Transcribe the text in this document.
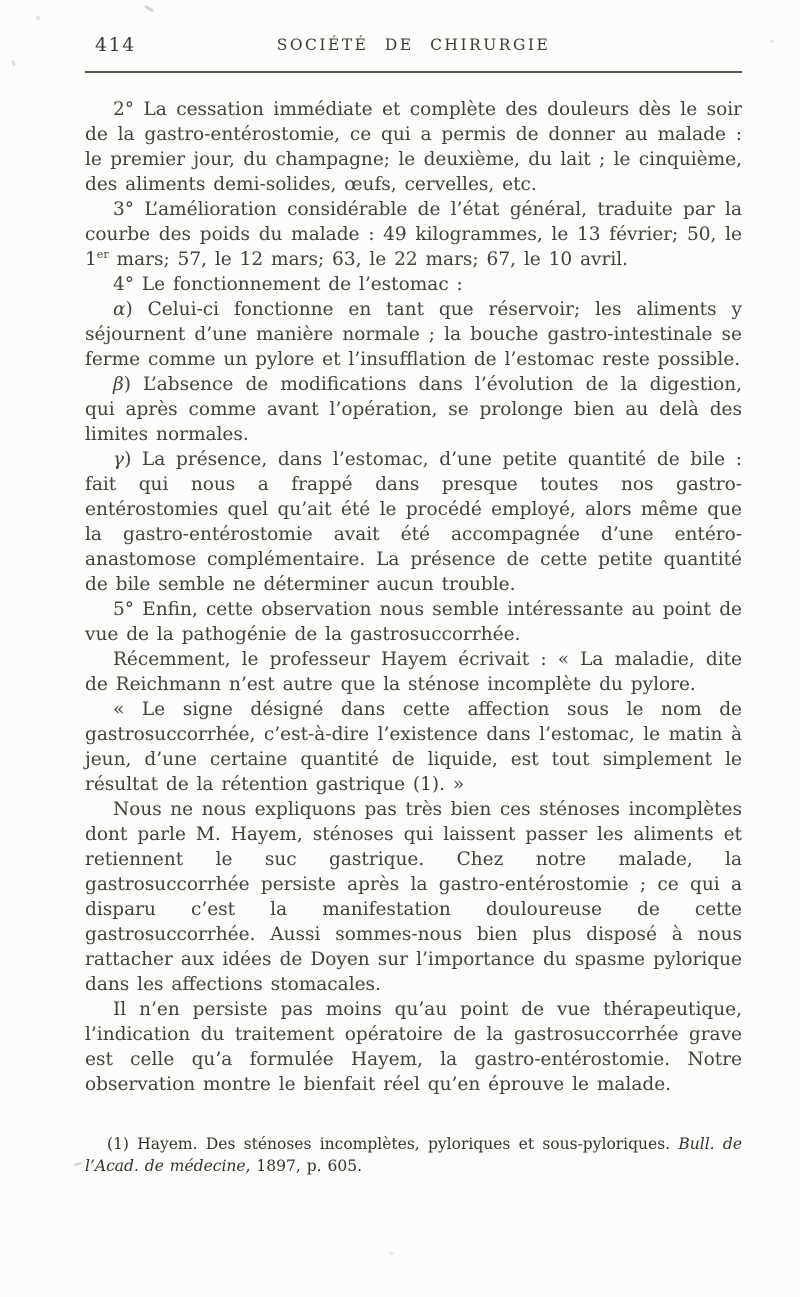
414	SOCIÉTÉ DE CHIRURGIE

2° La cessation immédiate et complète des douleurs dès le soir de la gastro-entérostomie, ce qui a permis de donner au malade : le premier jour, du champagne; le deuxième, du lait ; le cinquième, des aliments demi-solides, œufs, cervelles, etc.

3° L’amélioration considérable de l’état général, traduite par la courbe des poids du malade : 49 kilogrammes, le 13 février; 50, le 1er mars; 57, le 12 mars; 63, le 22 mars; 67, le 10 avril.

4° Le fonctionnement de l’estomac :

α) Celui-ci fonctionne en tant que réservoir; les aliments y séjournent d’une manière normale ; la bouche gastro-intestinale se ferme comme un pylore et l’insufflation de l’estomac reste possible.

β) L’absence de modifications dans l’évolution de la digestion, qui après comme avant l’opération, se prolonge bien au delà des limites normales.

γ) La présence, dans l’estomac, d’une petite quantité de bile : fait qui nous a frappé dans presque toutes nos gastro-entérostomies quel qu’ait été le procédé employé, alors même que la gastro-entérostomie avait été accompagnée d’une entéro-anastomose complémentaire. La présence de cette petite quantité de bile semble ne déterminer aucun trouble.

5° Enfin, cette observation nous semble intéressante au point de vue de la pathogénie de la gastrosuccorrhée.

Récemment, le professeur Hayem écrivait : « La maladie, dite de Reichmann n’est autre que la sténose incomplète du pylore.

« Le signe désigné dans cette affection sous le nom de gastrosuccorrhée, c’est-à-dire l’existence dans l’estomac, le matin à jeun, d’une certaine quantité de liquide, est tout simplement le résultat de la rétention gastrique (1). »

Nous ne nous expliquons pas très bien ces sténoses incomplètes dont parle M. Hayem, sténoses qui laissent passer les aliments et retiennent le suc gastrique. Chez notre malade, la gastrosuccorrhée persiste après la gastro-entérostomie ; ce qui a disparu c’est la manifestation douloureuse de cette gastrosuccorrhée. Aussi sommes-nous bien plus disposé à nous rattacher aux idées de Doyen sur l’importance du spasme pylorique dans les affections stomacales.

Il n’en persiste pas moins qu’au point de vue thérapeutique, l’indication du traitement opératoire de la gastrosuccorrhée grave est celle qu’a formulée Hayem, la gastro-entérostomie. Notre observation montre le bienfait réel qu’en éprouve le malade.

(1) Hayem. Des sténoses incomplètes, pyloriques et sous-pyloriques. Bull. de l’Acad. de médecine, 1897, p. 605.
